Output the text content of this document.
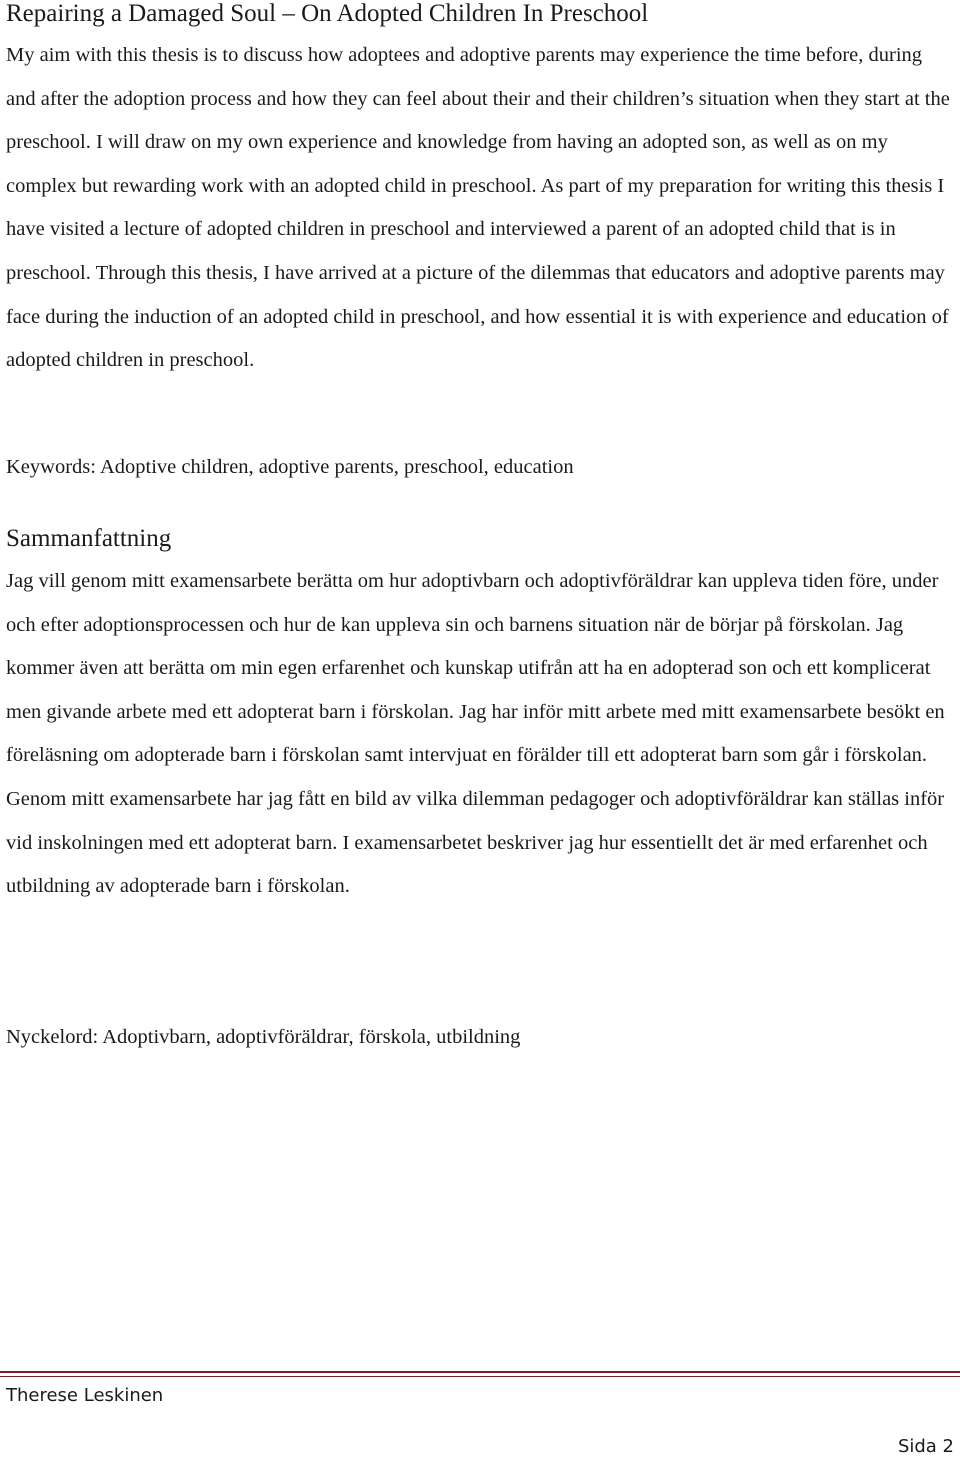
Repairing a Damaged Soul – On Adopted Children In Preschool

My aim with this thesis is to discuss how adoptees and adoptive parents may experience the time before, during and after the adoption process and how they can feel about their and their children’s situation when they start at the preschool. I will draw on my own experience and knowledge from having an adopted son, as well as on my complex but rewarding work with an adopted child in preschool. As part of my preparation for writing this thesis I have visited a lecture of adopted children in preschool and interviewed a parent of an adopted child that is in preschool. Through this thesis, I have arrived at a picture of the dilemmas that educators and adoptive parents may face during the induction of an adopted child in preschool, and how essential it is with experience and education of adopted children in preschool.

Keywords: Adoptive children, adoptive parents, preschool, education

Sammanfattning

Jag vill genom mitt examensarbete berätta om hur adoptivbarn och adoptivföräldrar kan uppleva tiden före, under och efter adoptionsprocessen och hur de kan uppleva sin och barnens situation när de börjar på förskolan. Jag kommer även att berätta om min egen erfarenhet och kunskap utifrån att ha en adopterad son och ett komplicerat men givande arbete med ett adopterat barn i förskolan. Jag har inför mitt arbete med mitt examensarbete besökt en föreläsning om adopterade barn i förskolan samt intervjuat en förälder till ett adopterat barn som går i förskolan. Genom mitt examensarbete har jag fått en bild av vilka dilemman pedagoger och adoptivföräldrar kan ställas inför vid inskolningen med ett adopterat barn. I examensarbetet beskriver jag hur essentiellt det är med erfarenhet och utbildning av adopterade barn i förskolan.

Nyckelord: Adoptivbarn, adoptivföräldrar, förskola, utbildning

Therese Leskinen
Sida 2
